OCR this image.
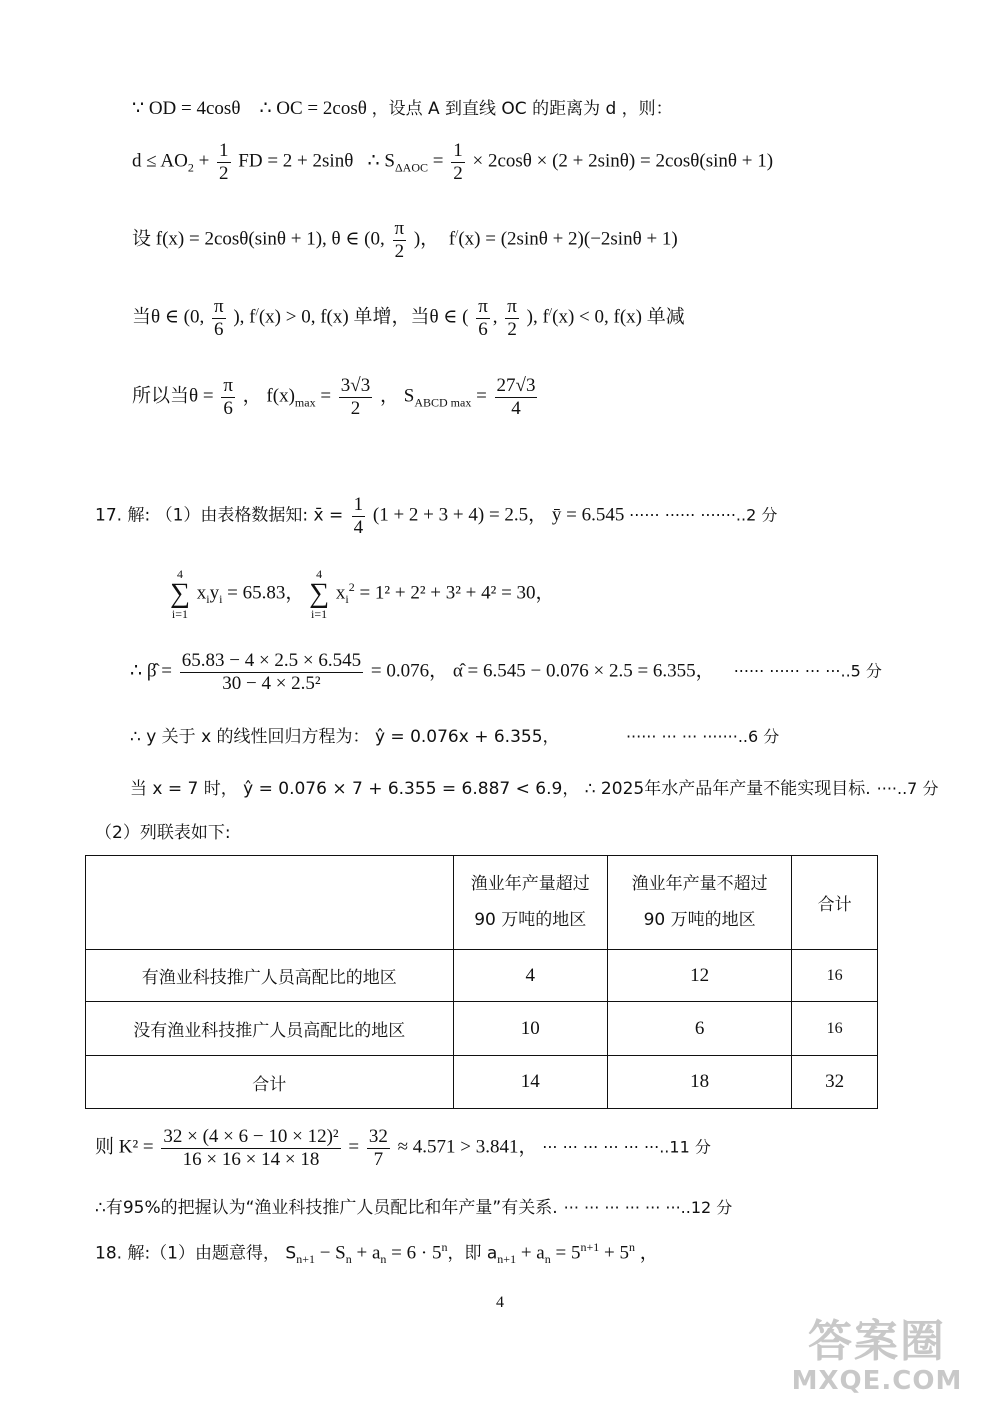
∵ OD = 4cosθ ∴ OC = 2cosθ ，设点 A 到直线 OC 的距离为 d ，则：
$d \le AO_2 + \frac{1}{2}$ FD = 2 + 2sinθ ∴ $S_{\Delta AOC} = \frac{1}{2} \times 2\cos\theta \times (2 + 2\sin\theta) = 2\cos\theta(\sin\theta + 1)$
设 f(x) = 2cosθ(sinθ + 1), θ ∈ (0, $\frac{\pi}{2}$ )， f/(x) = (2sinθ + 2)(−2sinθ + 1)
当θ ∈ (0, $\frac{\pi}{6}$ ), f/(x) > 0, f(x) 单增，当θ ∈ ( $\frac{\pi}{6}$ , $\frac{\pi}{2}$ ), f/(x) < 0, f(x) 单减
所以当$\theta = \frac{\pi}{6}$ ， $f(x)_{max} = \frac{3√3}{2}$ ， $S_{ABCD max} = \frac{27√3}{4}$
17. 解: （1）由表格数据知: x̄ = $\frac{1}{4} (1 + 2 + 3 + 4) = 2.5$， ȳ = 6.545 ······ ······ ·······..2 分
4
∑
i=1 $x_iy_i = 65.83$， 4
∑
i=1 $x_i^2 = 1^2 + 2^2 + 3^2 + 4^2 = 30$，
∴ β̂ = $\frac{65.83 - 4 \times 2.5 \times 6.545}{\text{30 − 4 × 2.5²}} = 0.076$， α̂ = 6.545 − 0.076 × 2.5 = 6.355， ······ ······ ··· ···..5 分
∴ y 关于 x 的线性回归方程为： ŷ = 0.076x + 6.355，	······ ··· ··· ·······..6 分
当 x = 7 时， ŷ = 0.076 × 7 + 6.355 = 6.887 < 6.9， ∴ 2025年水产品年产量不能实现目标. ····..7 分
（2）列联表如下:
	渔业年产量超过
90 万吨的地区	渔业年产量不超过
90 万吨的地区	合计
有渔业科技推广人员高配比的地区	4	12	16
没有渔业科技推广人员高配比的地区	10	6	16
合计	14	18	32
则 $K^2 = \frac{\text{32 × (4 × 6 − 10 × 12)²}}{16 \times 16 \times 14 \times 18} = \frac{32}{7} \approx 4.571 > 3.841$， ··· ··· ··· ··· ··· ···..11 分
∴有95%的把握认为“渔业科技推广人员配比和年产量”有关系. ··· ··· ··· ··· ··· ···..12 分
18. 解:（1）由题意得， $S_{n+1} - S_n + a_n = 6 \cdot 5^n$，即 $a_{n+1} + a_n = 5^{n+1} + 5^n$ ，
4
答案圈
MXQE.COM
